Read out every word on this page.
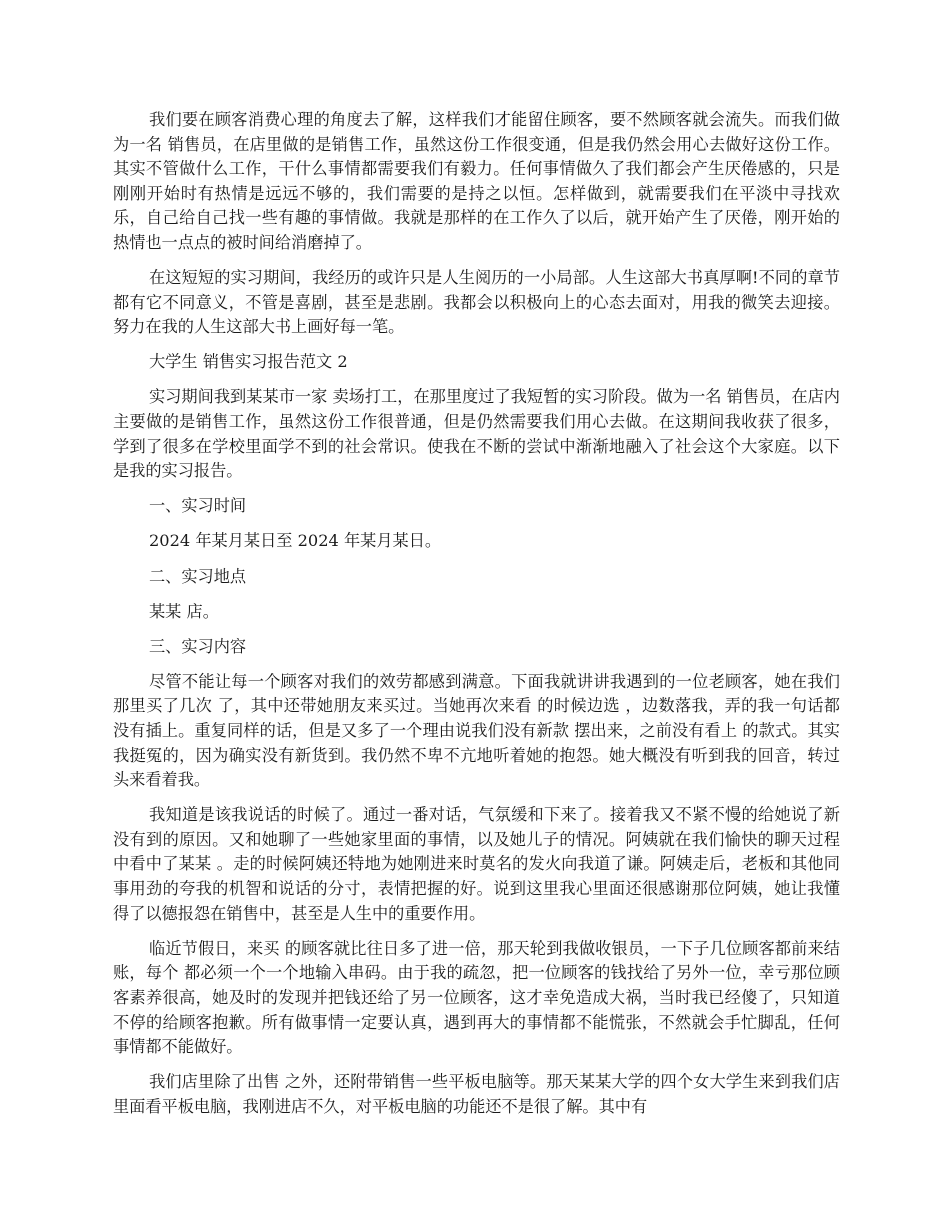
我们要在顾客消费心理的角度去了解，这样我们才能留住顾客，要不然顾客就会流失。而我们做为一名 销售员，在店里做的是销售工作，虽然这份工作很变通，但是我仍然会用心去做好这份工作。其实不管做什么工作，干什么事情都需要我们有毅力。任何事情做久了我们都会产生厌倦感的，只是刚刚开始时有热情是远远不够的，我们需要的是持之以恒。怎样做到，就需要我们在平淡中寻找欢乐，自己给自己找一些有趣的事情做。我就是那样的在工作久了以后，就开始产生了厌倦，刚开始的热情也一点点的被时间给消磨掉了。

在这短短的实习期间，我经历的或许只是人生阅历的一小局部。人生这部大书真厚啊!不同的章节都有它不同意义，不管是喜剧，甚至是悲剧。我都会以积极向上的心态去面对，用我的微笑去迎接。努力在我的人生这部大书上画好每一笔。

大学生 销售实习报告范文 2

实习期间我到某某市一家 卖场打工，在那里度过了我短暂的实习阶段。做为一名 销售员，在店内主要做的是销售工作，虽然这份工作很普通，但是仍然需要我们用心去做。在这期间我收获了很多，学到了很多在学校里面学不到的社会常识。使我在不断的尝试中渐渐地融入了社会这个大家庭。以下是我的实习报告。

一、实习时间

2024 年某月某日至 2024 年某月某日。

二、实习地点

某某 店。

三、实习内容

尽管不能让每一个顾客对我们的效劳都感到满意。下面我就讲讲我遇到的一位老顾客，她在我们那里买了几次 了，其中还带她朋友来买过。当她再次来看 的时候边选 ，边数落我，弄的我一句话都没有插上。重复同样的话，但是又多了一个理由说我们没有新款 摆出来，之前没有看上 的款式。其实我挺冤的，因为确实没有新货到。我仍然不卑不亢地听着她的抱怨。她大概没有听到我的回音，转过头来看着我。

我知道是该我说话的时候了。通过一番对话，气氛缓和下来了。接着我又不紧不慢的给她说了新 没有到的原因。又和她聊了一些她家里面的事情，以及她儿子的情况。阿姨就在我们愉快的聊天过程中看中了某某 。走的时候阿姨还特地为她刚进来时莫名的发火向我道了谦。阿姨走后，老板和其他同事用劲的夸我的机智和说话的分寸，表情把握的好。说到这里我心里面还很感谢那位阿姨，她让我懂得了以德报怨在销售中，甚至是人生中的重要作用。

临近节假日，来买 的顾客就比往日多了进一倍，那天轮到我做收银员，一下子几位顾客都前来结账，每个 都必须一个一个地输入串码。由于我的疏忽，把一位顾客的钱找给了另外一位，幸亏那位顾客素养很高，她及时的发现并把钱还给了另一位顾客，这才幸免造成大祸，当时我已经傻了，只知道不停的给顾客抱歉。所有做事情一定要认真，遇到再大的事情都不能慌张，不然就会手忙脚乱，任何事情都不能做好。

我们店里除了出售 之外，还附带销售一些平板电脑等。那天某某大学的四个女大学生来到我们店里面看平板电脑，我刚进店不久，对平板电脑的功能还不是很了解。其中有
